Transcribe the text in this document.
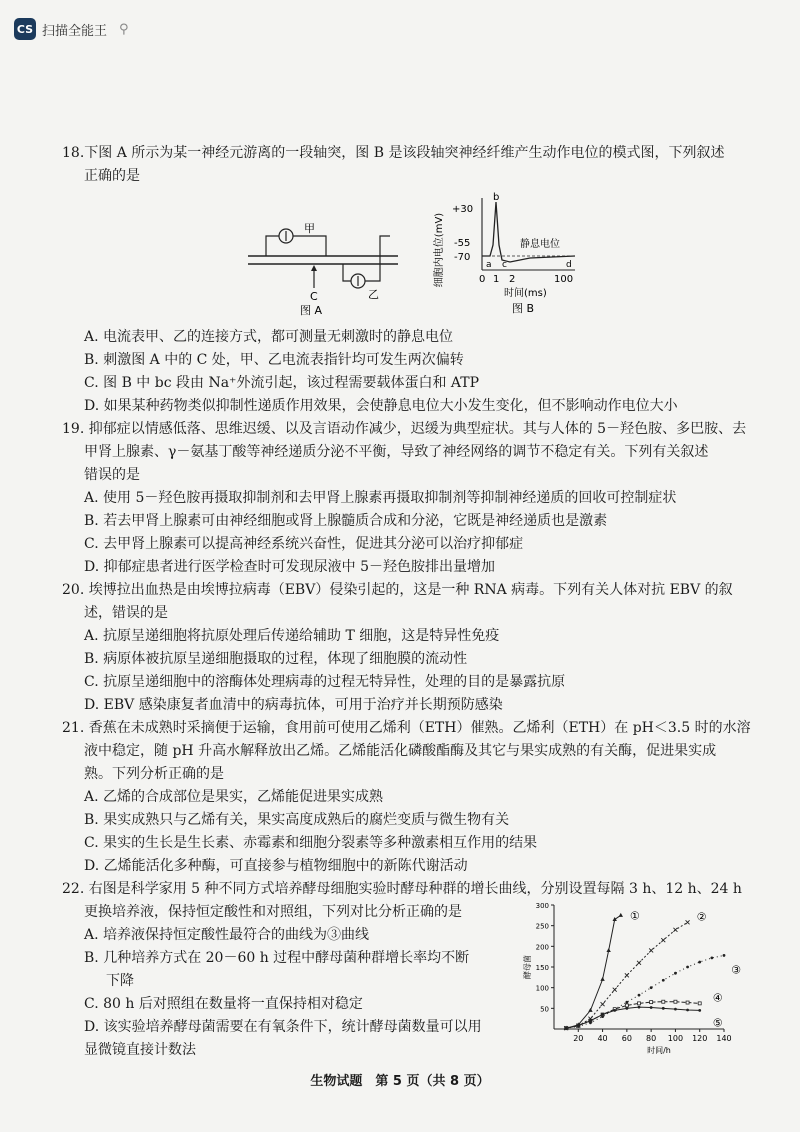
CS 扫描全能王 ⚲
18.下图 A 所示为某一神经元游离的一段轴突，图 B 是该段轴突神经纤维产生动作电位的模式图，下列叙述
正确的是
A. 电流表甲、乙的连接方式，都可测量无刺激时的静息电位
B. 刺激图 A 中的 C 处，甲、乙电流表指针均可发生两次偏转
C. 图 B 中 bc 段由 Na⁺外流引起，该过程需要载体蛋白和 ATP
D. 如果某种药物类似抑制性递质作用效果，会使静息电位大小发生变化，但不影响动作电位大小
19. 抑郁症以情感低落、思维迟缓、以及言语动作减少，迟缓为典型症状。其与人体的 5－羟色胺、多巴胺、去
甲肾上腺素、γ－氨基丁酸等神经递质分泌不平衡，导致了神经网络的调节不稳定有关。下列有关叙述
错误的是
A. 使用 5－羟色胺再摄取抑制剂和去甲肾上腺素再摄取抑制剂等抑制神经递质的回收可控制症状
B. 若去甲肾上腺素可由神经细胞或肾上腺髓质合成和分泌，它既是神经递质也是激素
C. 去甲肾上腺素可以提高神经系统兴奋性，促进其分泌可以治疗抑郁症
D. 抑郁症患者进行医学检查时可发现尿液中 5－羟色胺排出量增加
20. 埃博拉出血热是由埃博拉病毒（EBV）侵染引起的，这是一种 RNA 病毒。下列有关人体对抗 EBV 的叙
述，错误的是
A. 抗原呈递细胞将抗原处理后传递给辅助 T 细胞，这是特异性免疫
B. 病原体被抗原呈递细胞摄取的过程，体现了细胞膜的流动性
C. 抗原呈递细胞中的溶酶体处理病毒的过程无特异性，处理的目的是暴露抗原
D. EBV 感染康复者血清中的病毒抗体，可用于治疗并长期预防感染
21. 香蕉在未成熟时采摘便于运输，食用前可使用乙烯利（ETH）催熟。乙烯利（ETH）在 pH＜3.5 时的水溶
液中稳定，随 pH 升高水解释放出乙烯。乙烯能活化磷酸酯酶及其它与果实成熟的有关酶，促进果实成
熟。下列分析正确的是
A. 乙烯的合成部位是果实，乙烯能促进果实成熟
B. 果实成熟只与乙烯有关，果实高度成熟后的腐烂变质与微生物有关
C. 果实的生长是生长素、赤霉素和细胞分裂素等多种激素相互作用的结果
D. 乙烯能活化多种酶，可直接参与植物细胞中的新陈代谢活动
22. 右图是科学家用 5 种不同方式培养酵母细胞实验时酵母种群的增长曲线，分别设置每隔 3 h、12 h、24 h
更换培养液，保持恒定酸性和对照组，下列对比分析正确的是
A. 培养液保持恒定酸性最符合的曲线为③曲线
B. 几种培养方式在 20－60 h 过程中酵母菌种群增长率均不断
下降
C. 80 h 后对照组在数量将一直保持相对稳定
D. 该实验培养酵母菌需要在有氧条件下，统计酵母菌数量可以用
显微镜直接计数法
甲
乙
C
图 A
细胞内电位(mV)
+30
-55
-70
b
静息电位
a c	d
0 1 2	100
时间(ms)
图 B
50
100
150
200
250
300
20 40 60 80 100 120 140
时间/h
酵母菌
①	②
③
④
⑤
生物试题　第 5 页（共 8 页）
